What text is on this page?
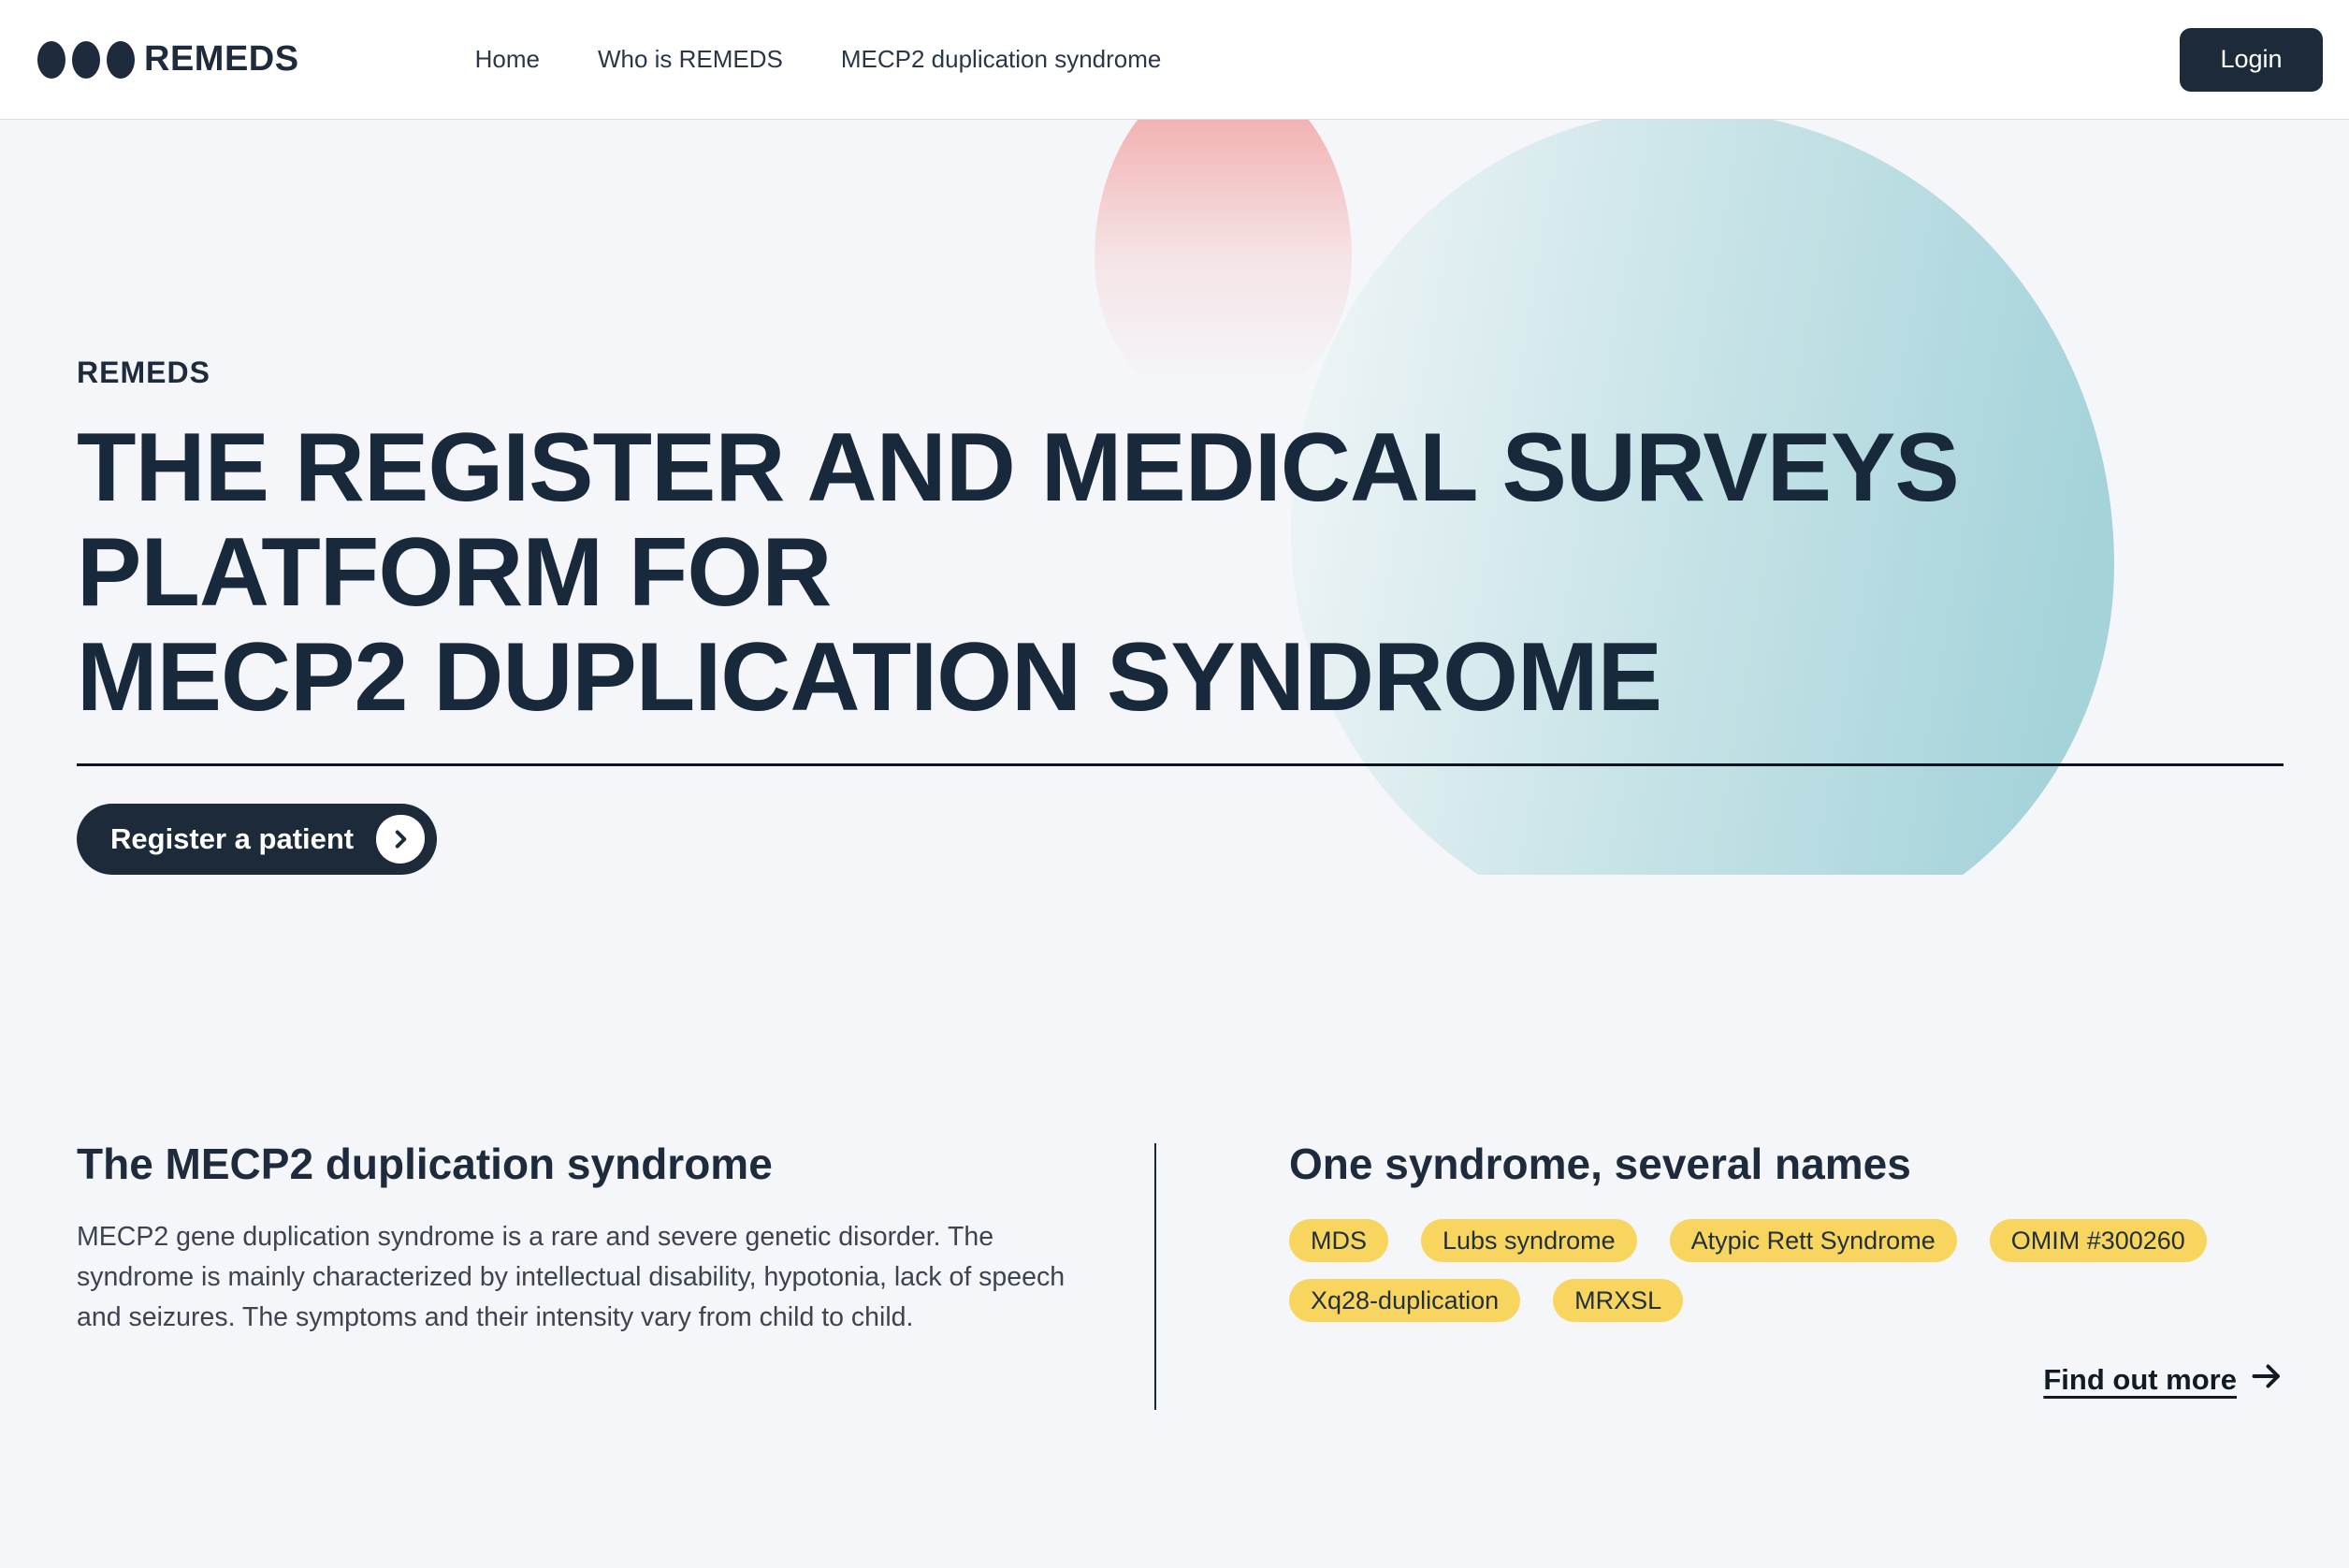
REMEDS	Home Who is REMEDS MECP2 duplication syndrome	Login
REMEDS
THE REGISTER AND MEDICAL SURVEYS
PLATFORM FOR
MECP2 DUPLICATION SYNDROME
Register a patient
The MECP2 duplication syndrome

MECP2 gene duplication syndrome is a rare and severe genetic disorder. The syndrome is mainly characterized by intellectual disability, hypotonia, lack of speech and seizures. The symptoms and their intensity vary from child to child.

One syndrome, several names
MDS	Lubs syndrome	Atypic Rett Syndrome	OMIM #300260
Xq28-duplication	MRXSL
Find out more
